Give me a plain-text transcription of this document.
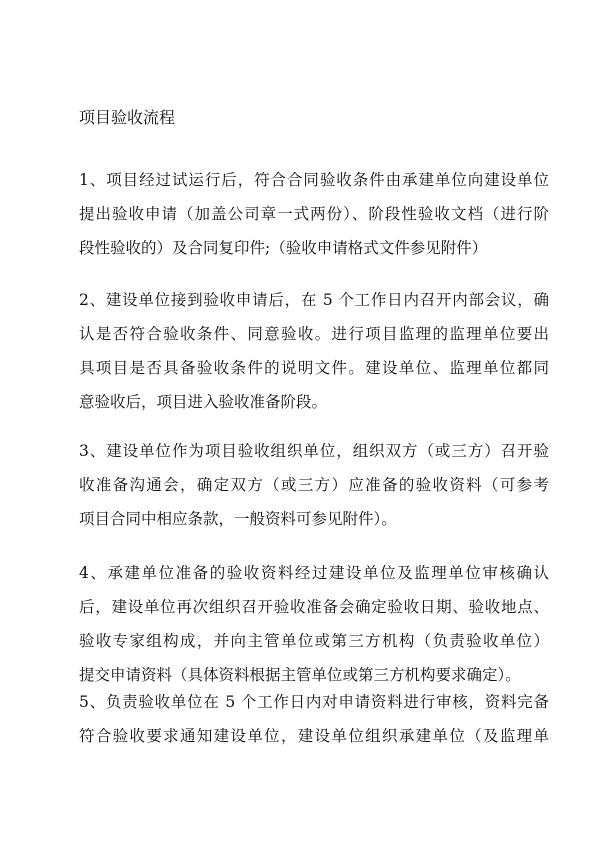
项目验收流程
1、项目经过试运行后，符合合同验收条件由承建单位向建设单位
提出验收申请（加盖公司章一式两份）、阶段性验收文档（进行阶
段性验收的）及合同复印件;（验收申请格式文件参见附件）
2、建设单位接到验收申请后，在 5 个工作日内召开内部会议，确
认是否符合验收条件、同意验收。进行项目监理的监理单位要出
具项目是否具备验收条件的说明文件。建设单位、监理单位都同
意验收后，项目进入验收准备阶段。
3、建设单位作为项目验收组织单位，组织双方（或三方）召开验
收准备沟通会，确定双方（或三方）应准备的验收资料（可参考
项目合同中相应条款，一般资料可参见附件）。
4、承建单位准备的验收资料经过建设单位及监理单位审核确认
后，建设单位再次组织召开验收准备会确定验收日期、验收地点、
验收专家组构成，并向主管单位或第三方机构（负责验收单位）
提交申请资料（具体资料根据主管单位或第三方机构要求确定）。
5、负责验收单位在 5 个工作日内对申请资料进行审核，资料完备
符合验收要求通知建设单位，建设单位组织承建单位（及监理单
